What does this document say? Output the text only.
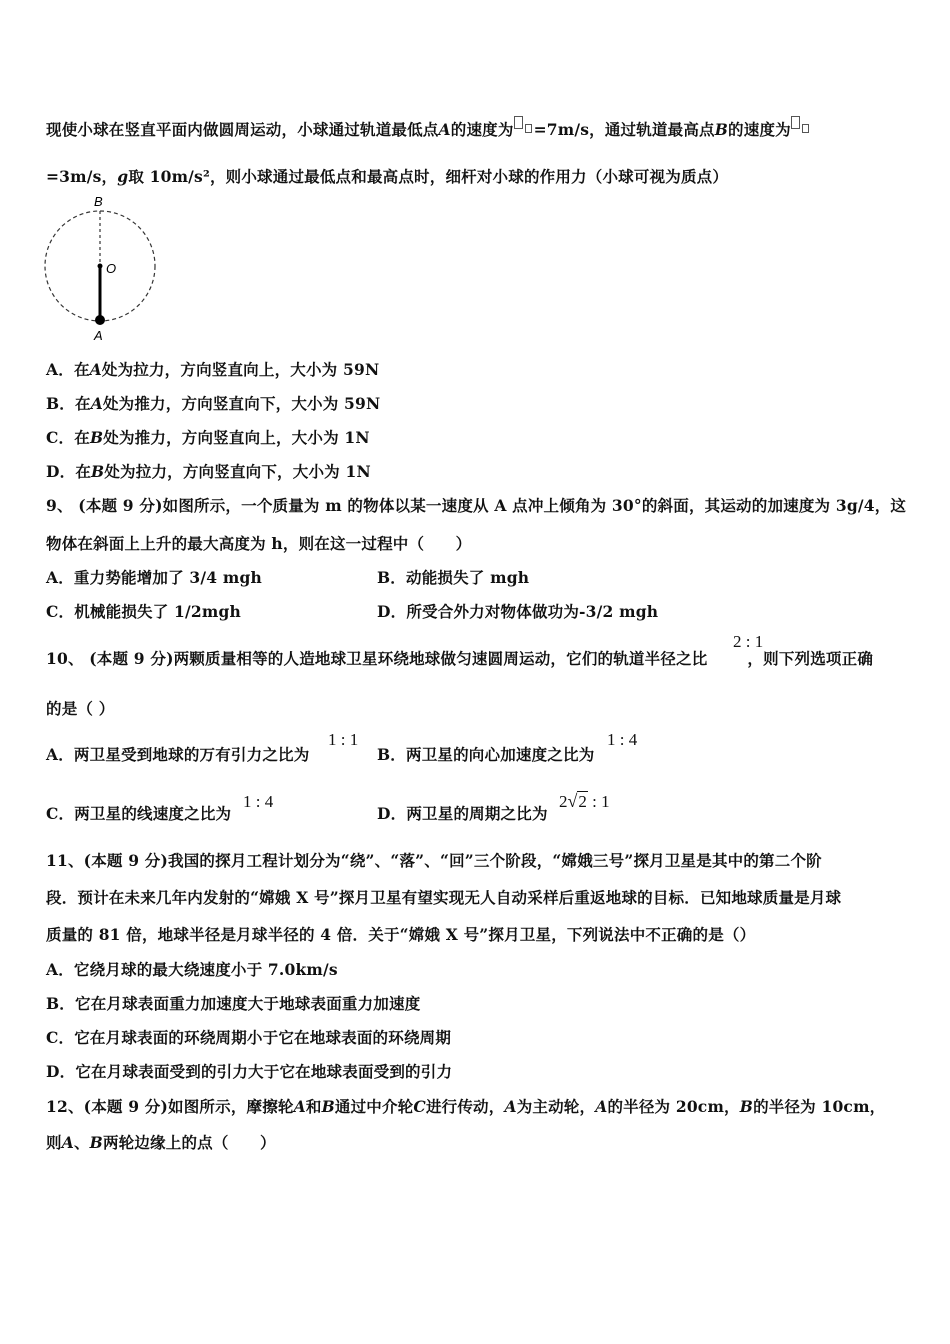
现使小球在竖直平面内做圆周运动，小球通过轨道最低点A的速度为 =7m/s，通过轨道最高点B的速度为
=3m/s，g取 10m/s²，则小球通过最低点和最高点时，细杆对小球的作用力（小球可视为质点）
B
O
A
A．在A处为拉力，方向竖直向上，大小为 59N
B．在A处为推力，方向竖直向下，大小为 59N
C．在B处为推力，方向竖直向上，大小为 1N
D．在B处为拉力，方向竖直向下，大小为 1N
9、 (本题 9 分)如图所示，一个质量为 m 的物体以某一速度从 A 点冲上倾角为 30°的斜面，其运动的加速度为 3g/4，这
物体在斜面上上升的最大高度为 h，则在这一过程中（　　）
A．重力势能增加了 3/4 mgh	B．动能损失了 mgh
C．机械能损失了 1/2mgh	D．所受合外力对物体做功为-3/2 mgh
10、 (本题 9 分)两颗质量相等的人造地球卫星环绕地球做匀速圆周运动，它们的轨道半径之比	，则下列选项正确
2 : 1
的是（ ）
A．两卫星受到地球的万有引力之比为
1 : 1
B．两卫星的向心加速度之比为
1 : 4
C．两卫星的线速度之比为
1 : 4
D．两卫星的周期之比为
2√2 : 1
11、(本题 9 分)我国的探月工程计划分为“绕”、“落”、“回”三个阶段，“嫦娥三号”探月卫星是其中的第二个阶
段．预计在未来几年内发射的“嫦娥 X 号”探月卫星有望实现无人自动采样后重返地球的目标．已知地球质量是月球
质量的 81 倍，地球半径是月球半径的 4 倍．关于“嫦娥 X 号”探月卫星，下列说法中不正确的是（）
A．它绕月球的最大绕速度小于 7.0km/s
B．它在月球表面重力加速度大于地球表面重力加速度
C．它在月球表面的环绕周期小于它在地球表面的环绕周期
D．它在月球表面受到的引力大于它在地球表面受到的引力
12、(本题 9 分)如图所示，摩擦轮A和B通过中介轮C进行传动，A为主动轮，A的半径为 20cm，B的半径为 10cm，
则A、B两轮边缘上的点（　　）
